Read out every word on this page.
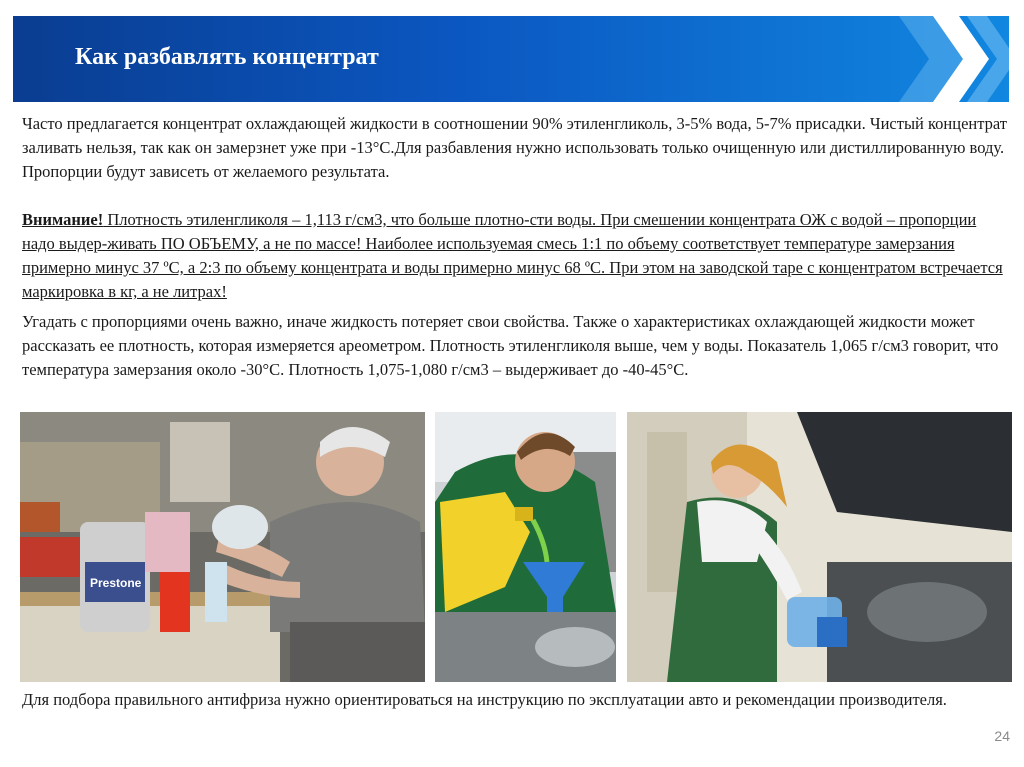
Как разбавлять концентрат
Часто предлагается концентрат охлаждающей жидкости в соотношении 90% этиленгликоль, 3-5% вода, 5-7% присадки. Чистый концентрат заливать нельзя, так как он замерзнет уже при -13°С.Для разбавления нужно использовать только очищенную или дистиллированную воду. Пропорции будут зависеть от желаемого результата.
Внимание! Плотность этиленгликоля – 1,113 г/см3, что больше плотно-сти воды. При смешении концентрата ОЖ с водой – пропорции надо выдер-живать ПО ОБЪЕМУ, а не по массе! Наиболее используемая смесь 1:1 по объему соответствует температуре замерзания примерно минус 37 ºС, а 2:3 по объему концентрата и воды примерно минус 68 ºС. При этом на заводской таре с концентратом встречается маркировка в кг, а не литрах!
Угадать с пропорциями очень важно, иначе жидкость потеряет свои свойства. Также о характеристиках охлаждающей жидкости может рассказать ее плотность, которая измеряется ареометром. Плотность этиленгликоля выше, чем у воды. Показатель 1,065 г/см3 говорит, что температура замерзания около -30°С. Плотность 1,075-1,080 г/см3 – выдерживает до -40-45°С.
Prestone
Для подбора правильного антифриза нужно ориентироваться на инструкцию по эксплуатации авто и рекомендации производителя.
24
